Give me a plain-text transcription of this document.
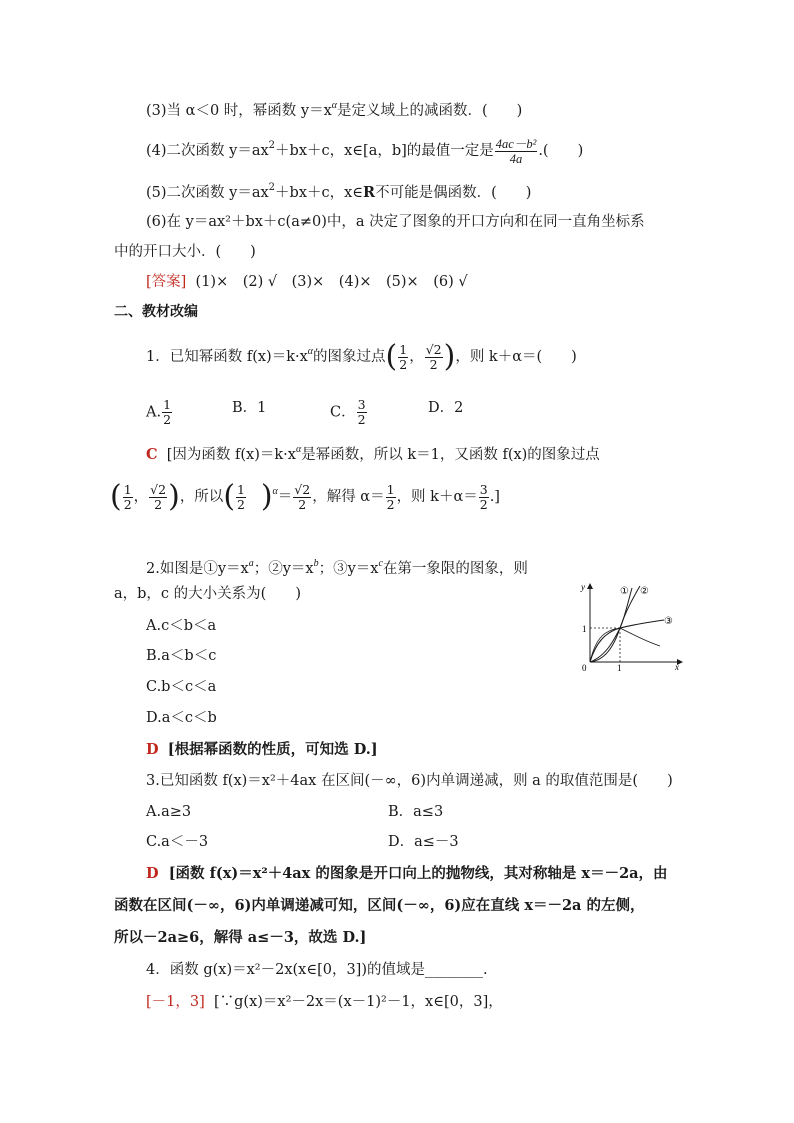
(3)当 α＜0 时，幂函数 $y=x^\alpha$是定义域上的减函数．(　　)
(4)二次函数 $y=ax^2+bx+c$，x∈[a，b]的最值一定是 $\frac{\text{4ac－b²}}{4a}$ .(　　)
(5)二次函数 $y=ax^2+bx+c$，x∈R不可能是偶函数．(　　)
(6)在 y＝ax²＋bx＋c(a≠0)中，a 决定了图象的开口方向和在同一直角坐标系
中的开口大小．(　　)
[答案] (1)×　(2) √　(3)×　(4)×　(5)×　(6) √
二、教材改编
1．已知幂函数 $f(x)=k\cdot x^\alpha$的图象过点( $\frac{1}{2}$ ， $\frac{√2}{2}$ )，则 k＋α＝(　　)
A. $\frac{1}{2}$	B．1	C． $\frac{3}{2}$	D．2
C [因为函数 $f(x)=k\cdot x^\alpha$是幂函数，所以 k＝1，又函数 f(x)的图象过点
( $\frac{1}{2}$ ， $\frac{√2}{2}$ )，所以( $\frac{1}{2} )^\alpha= \frac{√2}{2}$ ，解得 $\alpha= \frac{1}{2}$ ，则 $k+\alpha= \frac{3}{2}$ .]
2.如图是$①y=x^a$；$②y=x^b$；$③y=x^c$在第一象限的图象，则
a，b，c 的大小关系为(　　)
A.c＜b＜a
B.a＜b＜c
C.b＜c＜a
D.a＜c＜b
y
x
0
1
1
① ②
③
D [根据幂函数的性质，可知选 D.]
3.已知函数 f(x)＝x²＋4ax 在区间(－∞，6)内单调递减，则 a 的取值范围是(　　)
A.a≥3	B．a≤3
C.a＜－3	D．a≤－3
D [函数 f(x)＝x²＋4ax 的图象是开口向上的抛物线，其对称轴是 x＝－2a，由
函数在区间(－∞，6)内单调递减可知，区间(－∞，6)应在直线 x＝－2a 的左侧，
所以－2a≥6，解得 a≤－3，故选 D.]
4．函数 g(x)＝x²－2x(x∈[0，3])的值域是________.
[－1，3] [∵g(x)＝x²－2x＝(x－1)²－1，x∈[0，3]，
